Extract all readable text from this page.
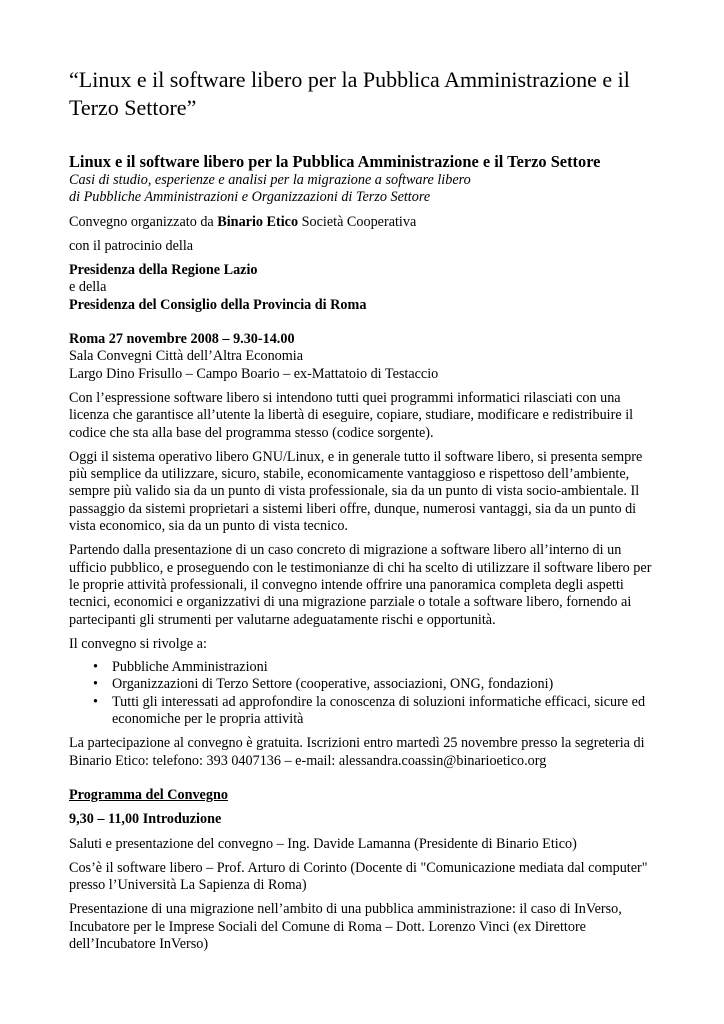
“Linux e il software libero per la Pubblica Amministrazione e il Terzo Settore”

Linux e il software libero per la Pubblica Amministrazione e il Terzo Settore

Casi di studio, esperienze e analisi per la migrazione a software libero

di Pubbliche Amministrazioni e Organizzazioni di Terzo Settore

Convegno organizzato da Binario Etico Società Cooperativa

con il patrocinio della

Presidenza della Regione Lazio

e della

Presidenza del Consiglio della Provincia di Roma

Roma 27 novembre 2008 – 9.30-14.00

Sala Convegni Città dell’Altra Economia

Largo Dino Frisullo – Campo Boario – ex-Mattatoio di Testaccio

Con l’espressione software libero si intendono tutti quei programmi informatici rilasciati con una licenza che garantisce all’utente la libertà di eseguire, copiare, studiare, modificare e redistribuire il codice che sta alla base del programma stesso (codice sorgente).

Oggi il sistema operativo libero GNU/Linux, e in generale tutto il software libero, si presenta sempre più semplice da utilizzare, sicuro, stabile, economicamente vantaggioso e rispettoso dell’ambiente, sempre più valido sia da un punto di vista professionale, sia da un punto di vista socio-ambientale. Il passaggio da sistemi proprietari a sistemi liberi offre, dunque, numerosi vantaggi, sia da un punto di vista economico, sia da un punto di vista tecnico.

Partendo dalla presentazione di un caso concreto di migrazione a software libero all’interno di un ufficio pubblico, e proseguendo con le testimonianze di chi ha scelto di utilizzare il software libero per le proprie attività professionali, il convegno intende offrire una panoramica completa degli aspetti tecnici, economici e organizzativi di una migrazione parziale o totale a software libero, fornendo ai partecipanti gli strumenti per valutarne adeguatamente rischi e opportunità.

Il convegno si rivolge a:

• Pubbliche Amministrazioni
• Organizzazioni di Terzo Settore (cooperative, associazioni, ONG, fondazioni)
• Tutti gli interessati ad approfondire la conoscenza di soluzioni informatiche efficaci, sicure ed economiche per le propria attività

La partecipazione al convegno è gratuita. Iscrizioni entro martedì 25 novembre presso la segreteria di Binario Etico: telefono: 393 0407136 – e-mail: alessandra.coassin@binarioetico.org

Programma del Convegno

9,30 – 11,00 Introduzione

Saluti e presentazione del convegno – Ing. Davide Lamanna (Presidente di Binario Etico)

Cos’è il software libero – Prof. Arturo di Corinto (Docente di "Comunicazione mediata dal computer" presso l’Università La Sapienza di Roma)

Presentazione di una migrazione nell’ambito di una pubblica amministrazione: il caso di InVerso, Incubatore per le Imprese Sociali del Comune di Roma – Dott. Lorenzo Vinci (ex Direttore dell’Incubatore InVerso)
